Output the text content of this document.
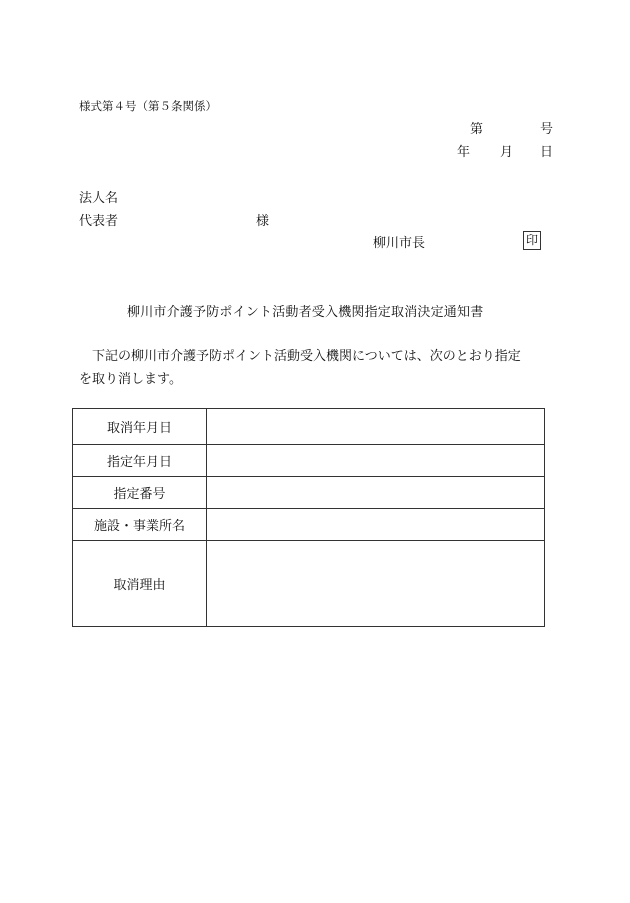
様式第４号（第５条関係）
第	号
年 月 日
法人名
代表者	様
柳川市長	印
柳川市介護予防ポイント活動者受入機関指定取消決定通知書
下記の柳川市介護予防ポイント活動受入機関については、次のとおり指定
を取り消します。
取消年月日	
指定年月日	
指定番号	
施設・事業所名	
取消理由	
